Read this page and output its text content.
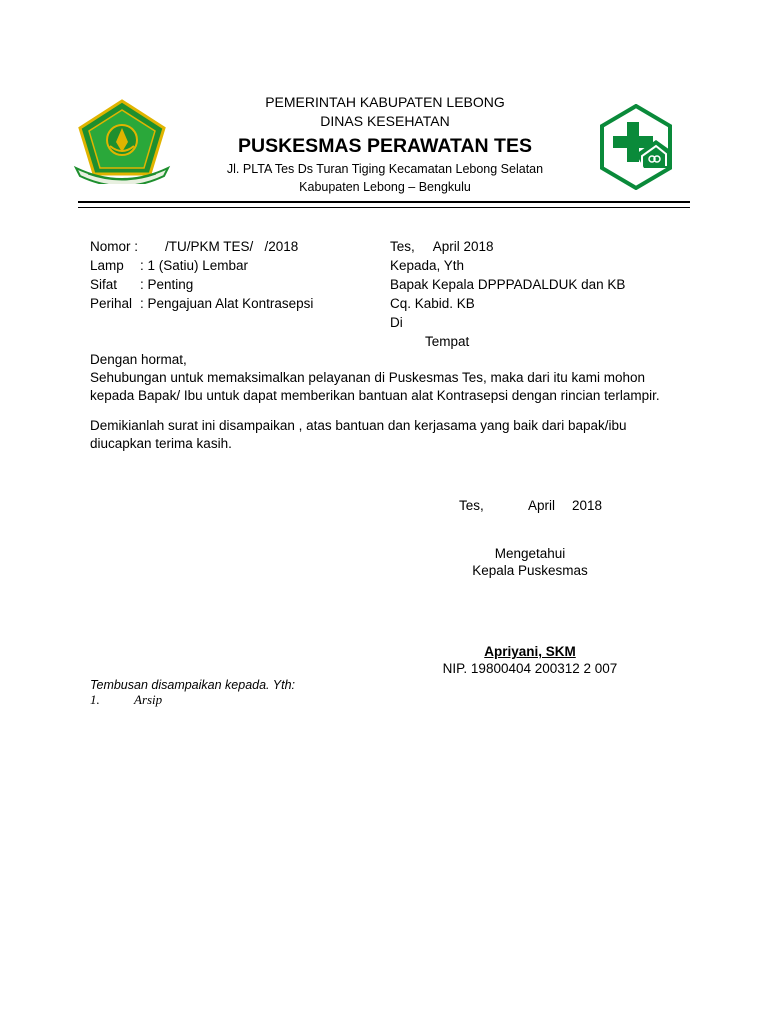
PEMERINTAH KABUPATEN LEBONG
DINAS KESEHATAN
PUSKESMAS PERAWATAN TES
Jl. PLTA Tes Ds Turan Tiging Kecamatan Lebong Selatan
Kabupaten Lebong – Bengkulu
Nomor : /TU/PKM TES/   /2018
Lamp : 1 (Satiu) Lembar
Sifat : Penting
Perihal : Pengajuan Alat Kontrasepsi
Tes,     April 2018
Kepada, Yth
Bapak Kepala DPPPADALDUK dan KB
Cq. Kabid. KB
Di
Tempat
Dengan hormat,
Sehubungan untuk memaksimalkan pelayanan di Puskesmas Tes, maka dari itu kami mohon
kepada Bapak/ Ibu untuk dapat memberikan bantuan alat Kontrasepsi dengan rincian terlampir.
Demikianlah surat ini disampaikan , atas bantuan dan kerjasama yang baik dari bapak/ibu
diucapkan terima kasih.
Tes,	April 2018
Mengetahui
Kepala Puskesmas
Apriyani, SKM
NIP. 19800404 200312 2 007
Tembusan disampaikan kepada. Yth:
1.	Arsip
